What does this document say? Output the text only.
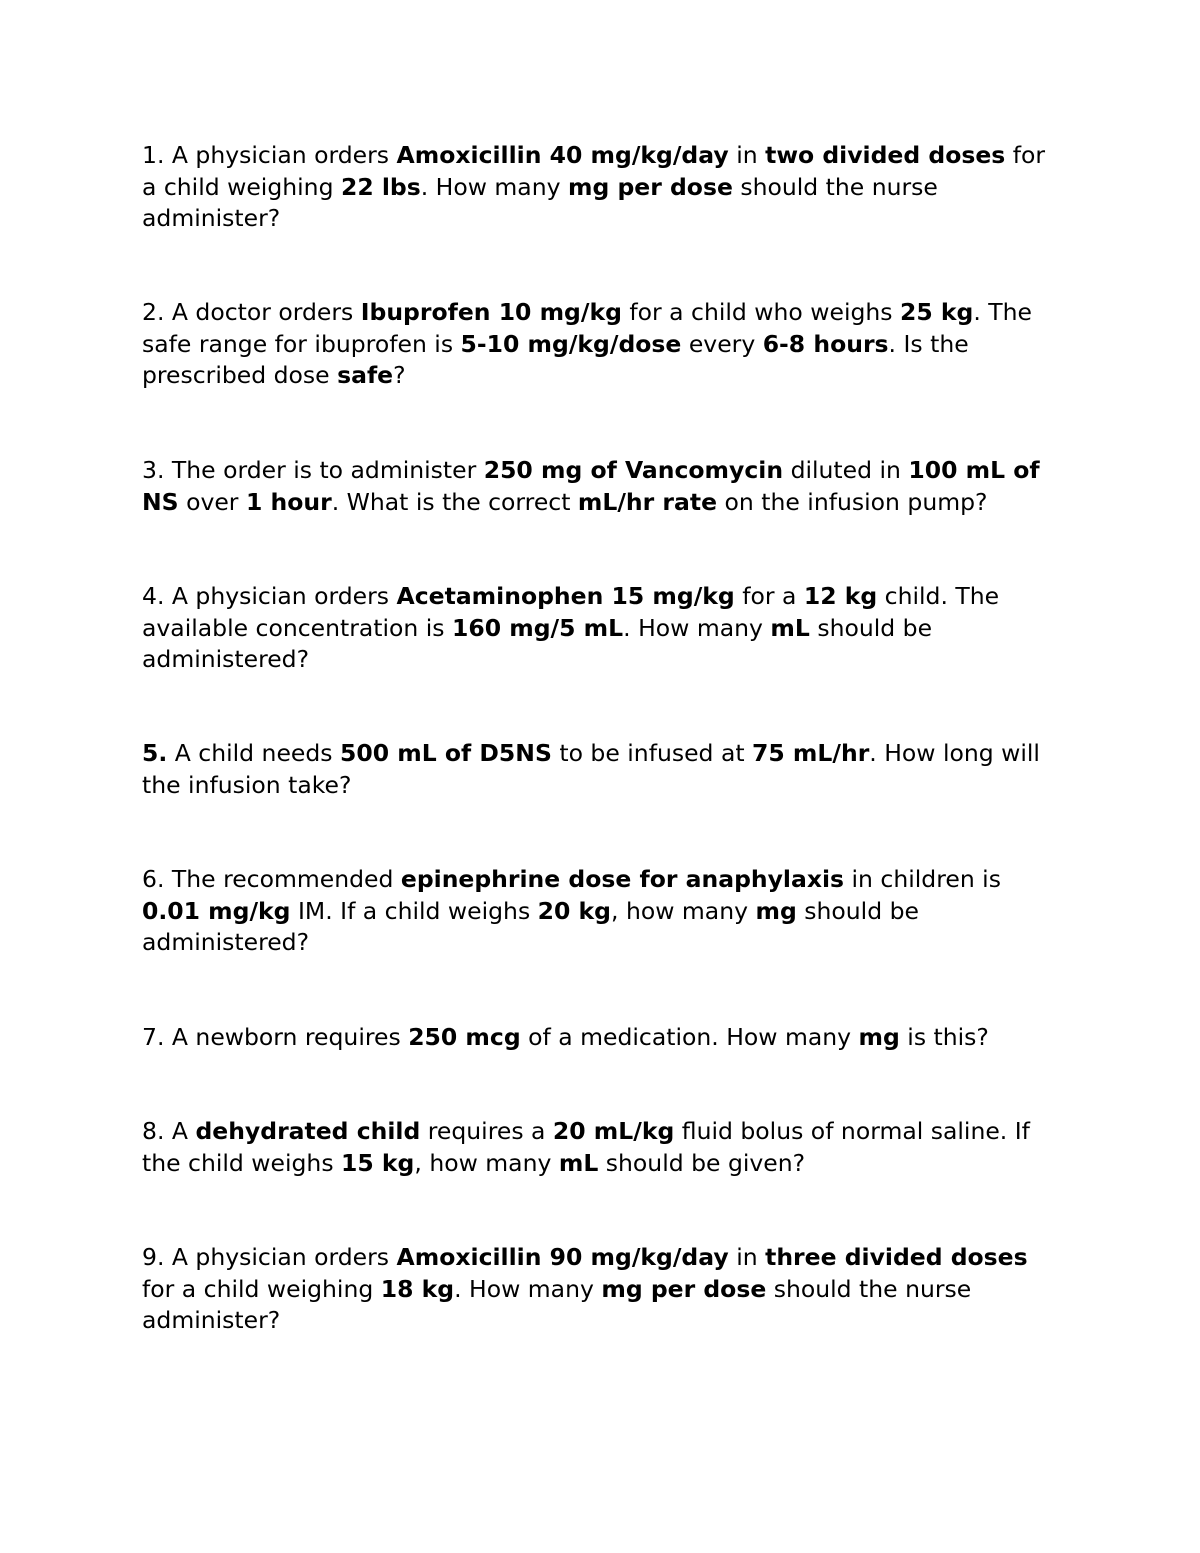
1. A physician orders Amoxicillin 40 mg/kg/day in two divided doses for a child weighing 22 lbs. How many mg per dose should the nurse administer?

2. A doctor orders Ibuprofen 10 mg/kg for a child who weighs 25 kg. The safe range for ibuprofen is 5-10 mg/kg/dose every 6-8 hours. Is the prescribed dose safe?

3. The order is to administer 250 mg of Vancomycin diluted in 100 mL of NS over 1 hour. What is the correct mL/hr rate on the infusion pump?

4. A physician orders Acetaminophen 15 mg/kg for a 12 kg child. The available concentration is 160 mg/5 mL. How many mL should be administered?

5. A child needs 500 mL of D5NS to be infused at 75 mL/hr. How long will the infusion take?

6. The recommended epinephrine dose for anaphylaxis in children is 0.01 mg/kg IM. If a child weighs 20 kg, how many mg should be administered?

7. A newborn requires 250 mcg of a medication. How many mg is this?

8. A dehydrated child requires a 20 mL/kg fluid bolus of normal saline. If the child weighs 15 kg, how many mL should be given?

9. A physician orders Amoxicillin 90 mg/kg/day in three divided doses for a child weighing 18 kg. How many mg per dose should the nurse administer?
